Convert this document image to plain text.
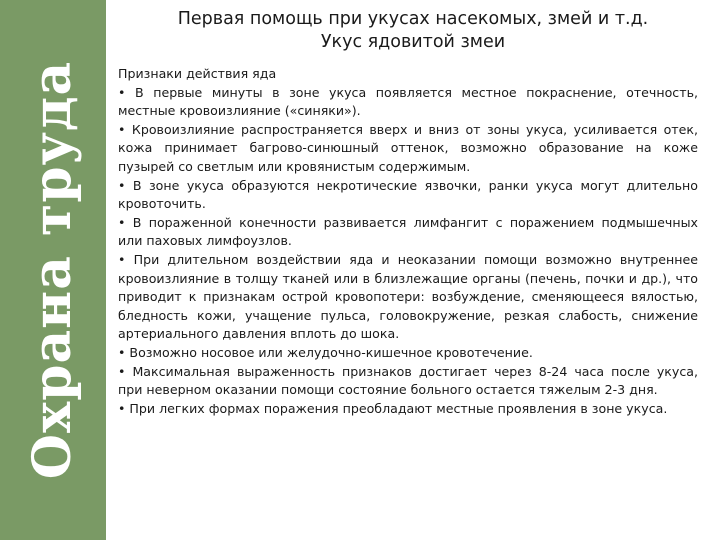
Охрана труда
Первая помощь при укусах насекомых, змей и т.д.
Укус ядовитой змеи
Признаки действия яда

• В первые минуты в зоне укуса появляется местное покраснение, отечность, местные кровоизлияние («синяки»).

• Кровоизлияние распространяется вверх и вниз от зоны укуса, усиливается отек, кожа принимает багрово-синюшный оттенок, возможно образование на коже пузырей со светлым или кровянистым содержимым.

• В зоне укуса образуются некротические язвочки, ранки укуса могут длительно кровоточить.

• В пораженной конечности развивается лимфангит с поражением подмышечных или паховых лимфоузлов.

• При длительном воздействии яда и неоказании помощи возможно внутреннее кровоизлияние в толщу тканей или в близлежащие органы (печень, почки и др.), что приводит к признакам острой кровопотери: возбуждение, сменяющееся вялостью, бледность кожи, учащение пульса, головокружение, резкая слабость, снижение артериального давления вплоть до шока.

• Возможно носовое или желудочно-кишечное кровотечение.

• Максимальная выраженность признаков достигает через 8-24 часа после укуса, при неверном оказании помощи состояние больного остается тяжелым 2-3 дня.

• При легких формах поражения преобладают местные проявления в зоне укуса.
